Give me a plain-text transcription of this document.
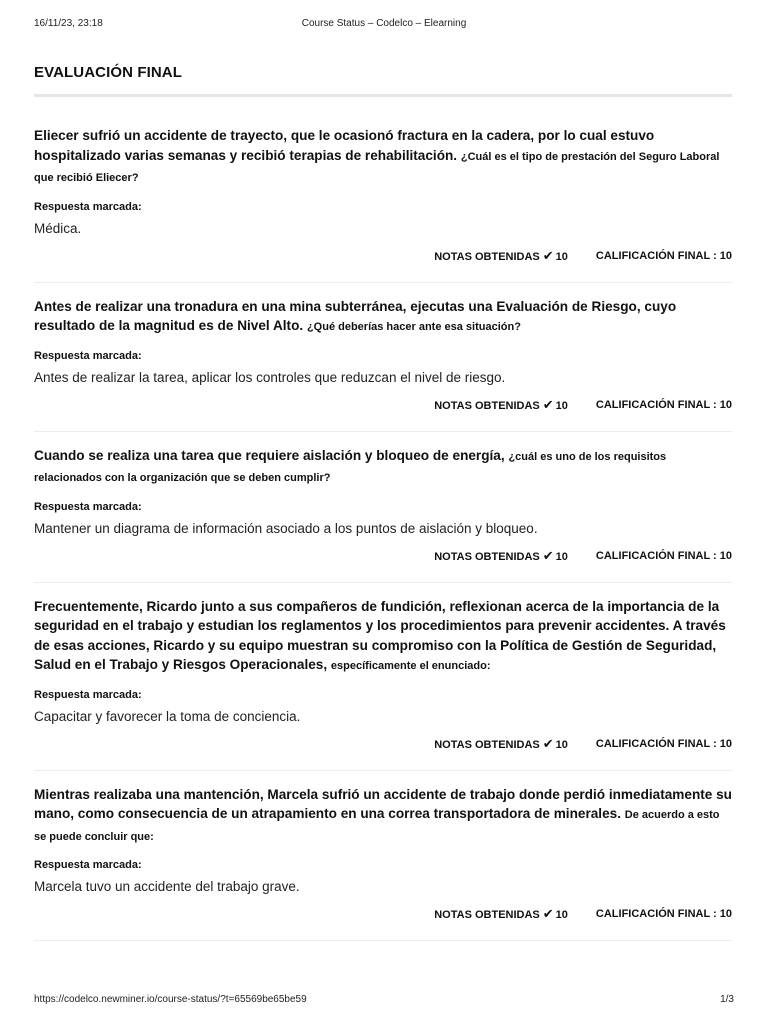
16/11/23, 23:18	Course Status – Codelco – Elearning
EVALUACIÓN FINAL

Eliecer sufrió un accidente de trayecto, que le ocasionó fractura en la cadera, por lo cual estuvo hospitalizado varias semanas y recibió terapias de rehabilitación. ¿Cuál es el tipo de prestación del Seguro Laboral que recibió Eliecer?

Respuesta marcada:
Médica.
NOTAS OBTENIDAS ✔ 10	CALIFICACIÓN FINAL : 10

Antes de realizar una tronadura en una mina subterránea, ejecutas una Evaluación de Riesgo, cuyo resultado de la magnitud es de Nivel Alto. ¿Qué deberías hacer ante esa situación?

Respuesta marcada:
Antes de realizar la tarea, aplicar los controles que reduzcan el nivel de riesgo.
NOTAS OBTENIDAS ✔ 10	CALIFICACIÓN FINAL : 10

Cuando se realiza una tarea que requiere aislación y bloqueo de energía, ¿cuál es uno de los requisitos relacionados con la organización que se deben cumplir?

Respuesta marcada:
Mantener un diagrama de información asociado a los puntos de aislación y bloqueo.
NOTAS OBTENIDAS ✔ 10	CALIFICACIÓN FINAL : 10

Frecuentemente, Ricardo junto a sus compañeros de fundición, reflexionan acerca de la importancia de la seguridad en el trabajo y estudian los reglamentos y los procedimientos para prevenir accidentes. A través de esas acciones, Ricardo y su equipo muestran su compromiso con la Política de Gestión de Seguridad, Salud en el Trabajo y Riesgos Operacionales, específicamente el enunciado:

Respuesta marcada:
Capacitar y favorecer la toma de conciencia.
NOTAS OBTENIDAS ✔ 10	CALIFICACIÓN FINAL : 10

Mientras realizaba una mantención, Marcela sufrió un accidente de trabajo donde perdió inmediatamente su mano, como consecuencia de un atrapamiento en una correa transportadora de minerales. De acuerdo a esto se puede concluir que:

Respuesta marcada:
Marcela tuvo un accidente del trabajo grave.
NOTAS OBTENIDAS ✔ 10	CALIFICACIÓN FINAL : 10
https://codelco.newminer.io/course-status/?t=65569be65be59	1/3
